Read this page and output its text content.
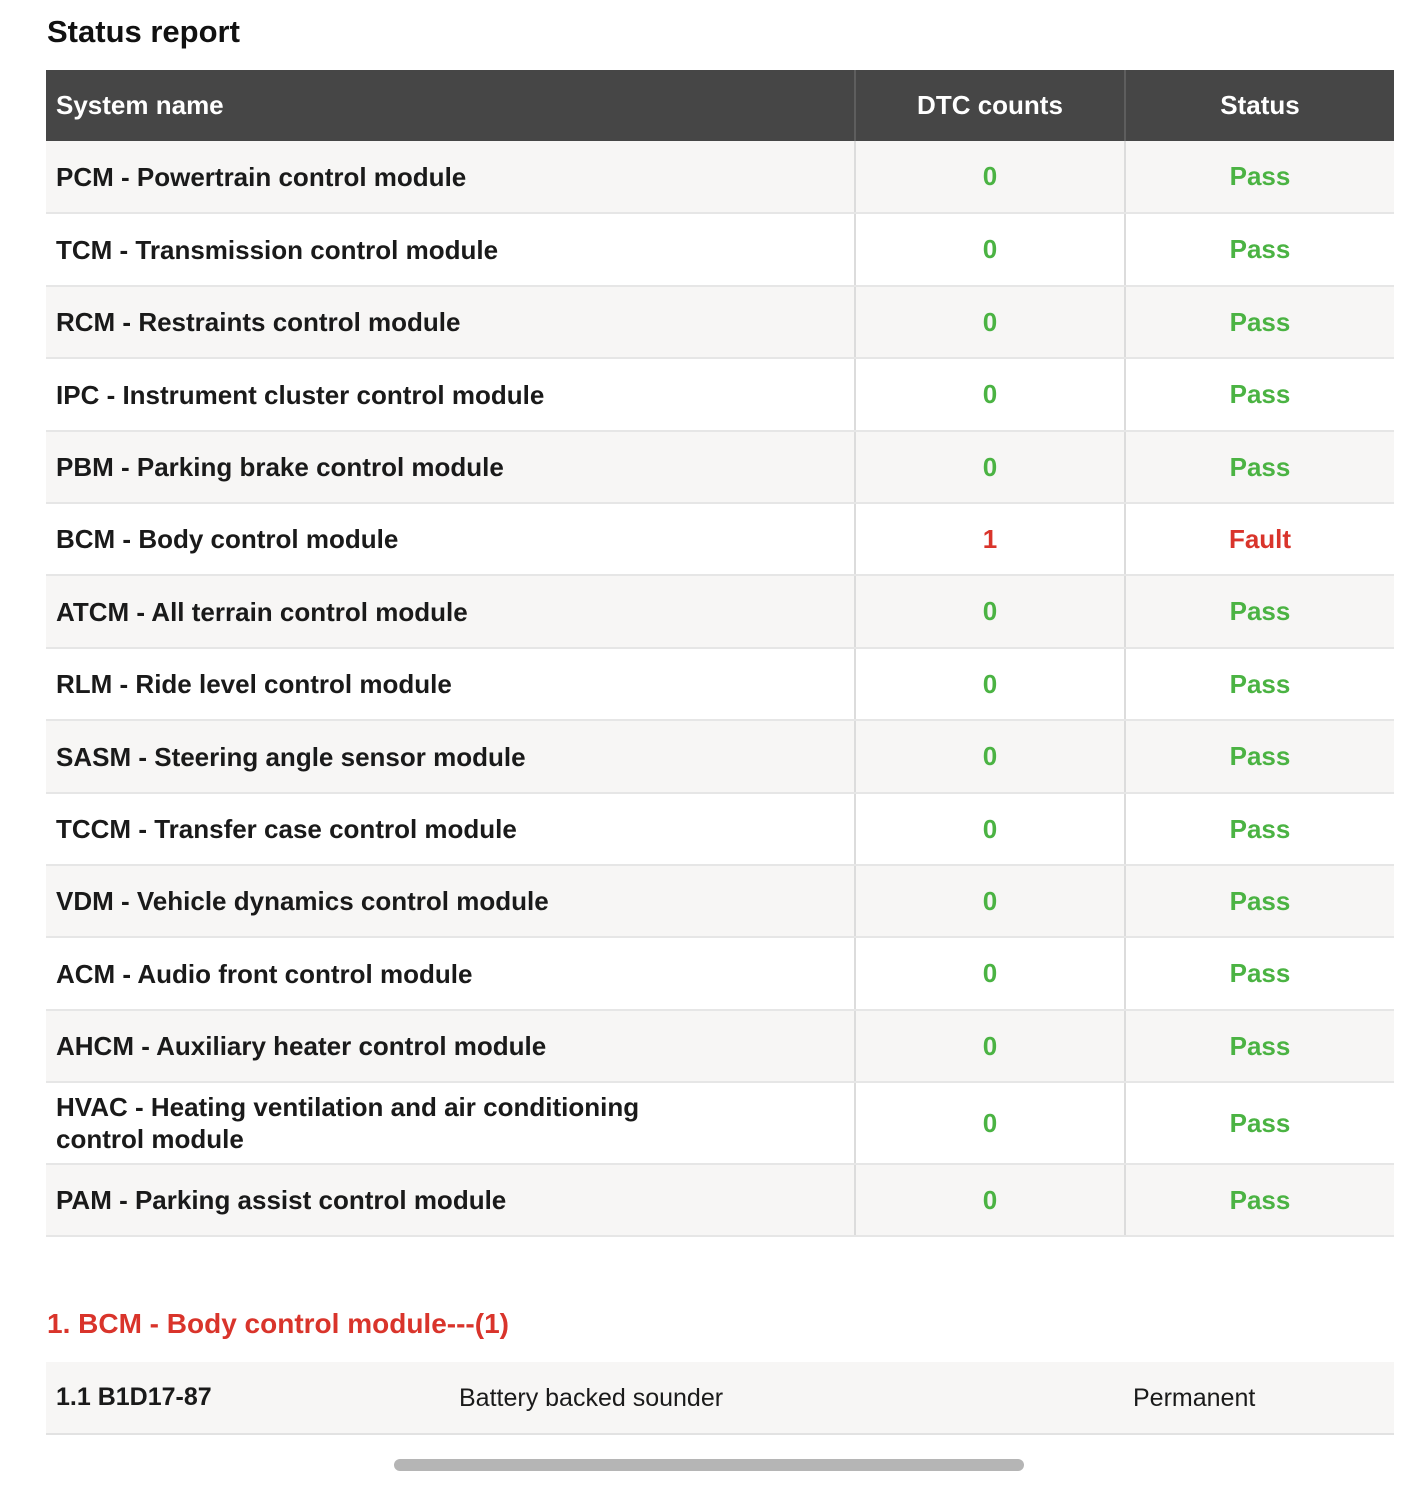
Status report
System name	DTC counts	Status
PCM - Powertrain control module	0	Pass
TCM - Transmission control module	0	Pass
RCM - Restraints control module	0	Pass
IPC - Instrument cluster control module	0	Pass
PBM - Parking brake control module	0	Pass
BCM - Body control module	1	Fault
ATCM - All terrain control module	0	Pass
RLM - Ride level control module	0	Pass
SASM - Steering angle sensor module	0	Pass
TCCM - Transfer case control module	0	Pass
VDM - Vehicle dynamics control module	0	Pass
ACM - Audio front control module	0	Pass
AHCM - Auxiliary heater control module	0	Pass

HVAC - Heating ventilation and air conditioning
control module	0	Pass
PAM - Parking assist control module	0	Pass
1. BCM - Body control module---(1)
1.1 B1D17-87	Battery backed sounder	Permanent
